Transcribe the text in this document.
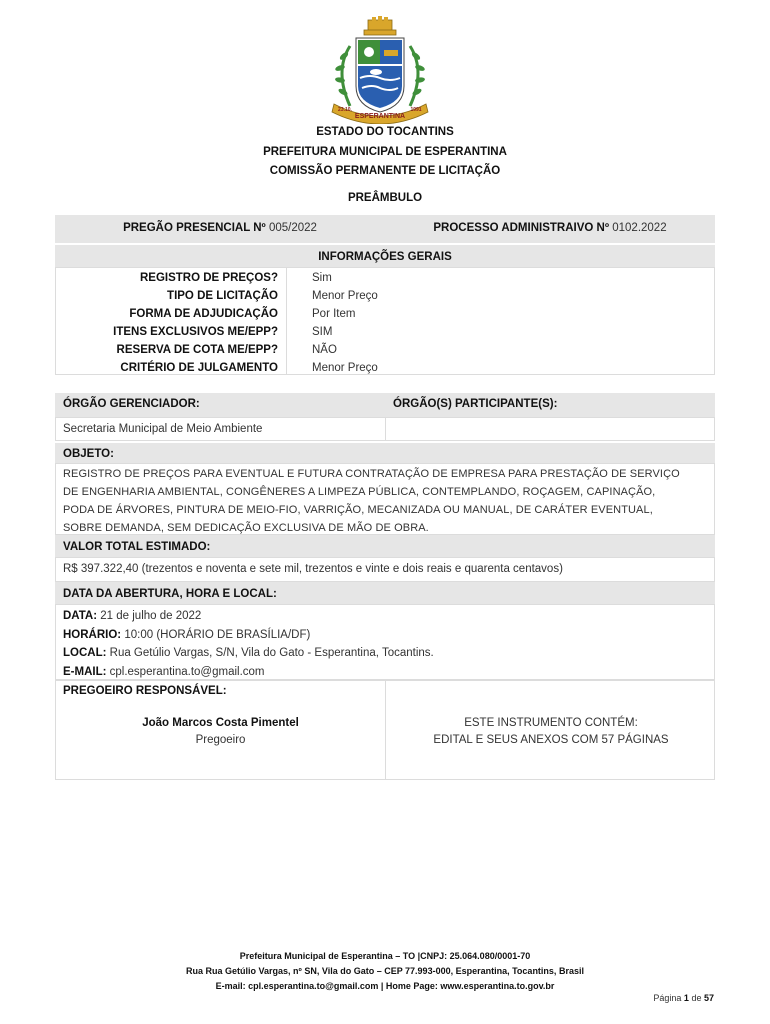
ESPERANTINA
23.10.	1991
ESTADO DO TOCANTINS
PREFEITURA MUNICIPAL DE ESPERANTINA
COMISSÃO PERMANENTE DE LICITAÇÃO
PREÂMBULO
PREGÃO PRESENCIAL Nº 005/2022	PROCESSO ADMINISTRAIVO Nº 0102.2022
INFORMAÇÕES GERAIS
REGISTRO DE PREÇOS?	Sim
TIPO DE LICITAÇÃO	Menor Preço
FORMA DE ADJUDICAÇÃO	Por Item
ITENS EXCLUSIVOS ME/EPP?	SIM
RESERVA DE COTA ME/EPP?	NÃO
CRITÉRIO DE JULGAMENTO	Menor Preço
ÓRGÃO GERENCIADOR:	ÓRGÃO(S) PARTICIPANTE(S):
Secretaria Municipal de Meio Ambiente
OBJETO:
REGISTRO DE PREÇOS PARA EVENTUAL E FUTURA CONTRATAÇÃO DE EMPRESA PARA PRESTAÇÃO DE SERVIÇO
DE ENGENHARIA AMBIENTAL, CONGÊNERES A LIMPEZA PÚBLICA, CONTEMPLANDO, ROÇAGEM, CAPINAÇÃO,
PODA DE ÁRVORES, PINTURA DE MEIO-FIO, VARRIÇÃO, MECANIZADA OU MANUAL, DE CARÁTER EVENTUAL,
SOBRE DEMANDA, SEM DEDICAÇÃO EXCLUSIVA DE MÃO DE OBRA.
VALOR TOTAL ESTIMADO:
R$ 397.322,40 (trezentos e noventa e sete mil, trezentos e vinte e dois reais e quarenta centavos)
DATA DA ABERTURA, HORA E LOCAL:
DATA: 21 de julho de 2022
HORÁRIO: 10:00 (HORÁRIO DE BRASÍLIA/DF)
LOCAL: Rua Getúlio Vargas, S/N, Vila do Gato - Esperantina, Tocantins.
E-MAIL: cpl.esperantina.to@gmail.com
PREGOEIRO RESPONSÁVEL:
João Marcos Costa Pimentel
Pregoeiro
ESTE INSTRUMENTO CONTÉM:
EDITAL E SEUS ANEXOS COM 57 PÁGINAS
Prefeitura Municipal de Esperantina – TO |CNPJ: 25.064.080/0001-70
Rua Rua Getúlio Vargas, nº SN, Vila do Gato – CEP 77.993-000, Esperantina, Tocantins, Brasil
E-mail: cpl.esperantina.to@gmail.com | Home Page: www.esperantina.to.gov.br
Página 1 de 57
